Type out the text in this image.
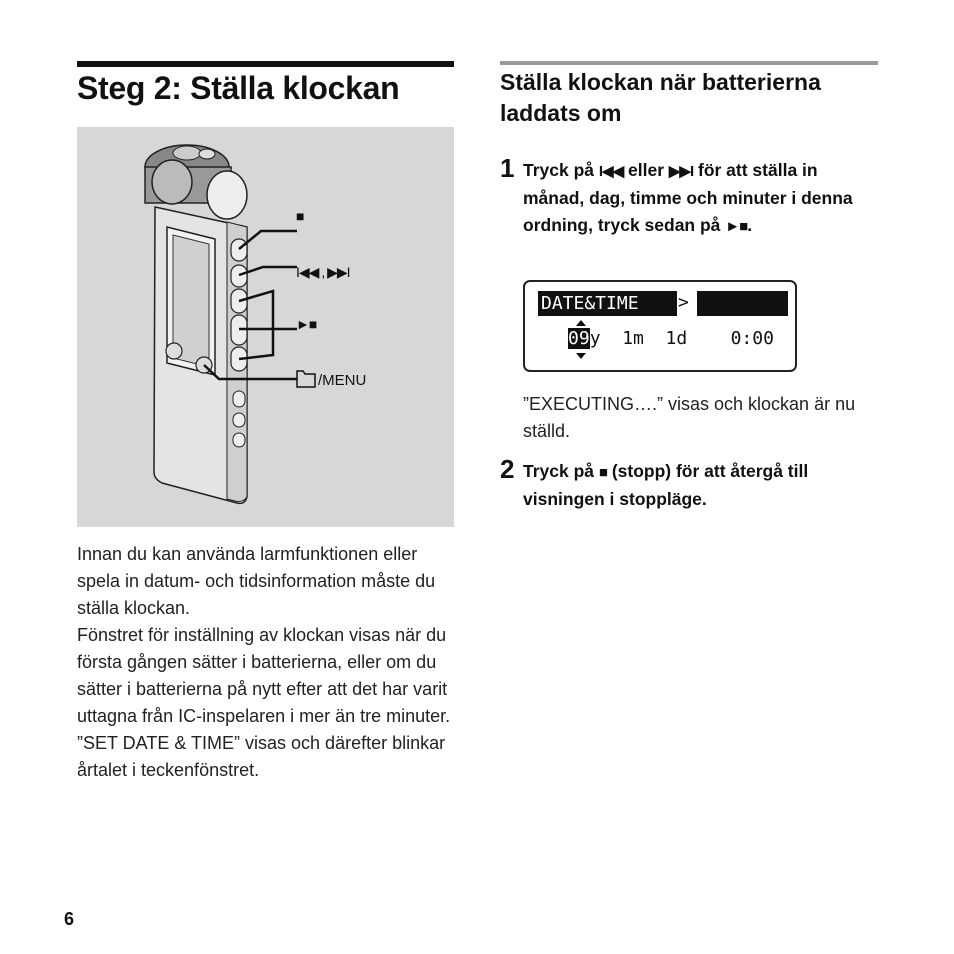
Steg 2: Ställa klockan
■
I◀◀ , ▶▶I
►■
/MENU

Innan du kan använda larmfunktionen eller spela in datum- och tidsinformation måste du ställa klockan.

Fönstret för inställning av klockan visas när du första gången sätter i batterierna, eller om du sätter i batterierna på nytt efter att det har varit uttagna från IC-inspelaren i mer än tre minuter. ”SET DATE & TIME” visas och därefter blinkar årtalet i teckenfönstret.

Ställa klockan när batterierna laddats om
1 Tryck på I◀◀ eller ▶▶I för att ställa in månad, dag, timme och minuter i denna ordning, tryck sedan på ►■.
DATE&TIME >
09y  1m  1d    0:00

”EXECUTING….” visas och klockan är nu ställd.

2 Tryck på ■ (stopp) för att återgå till visningen i stoppläge.
6
